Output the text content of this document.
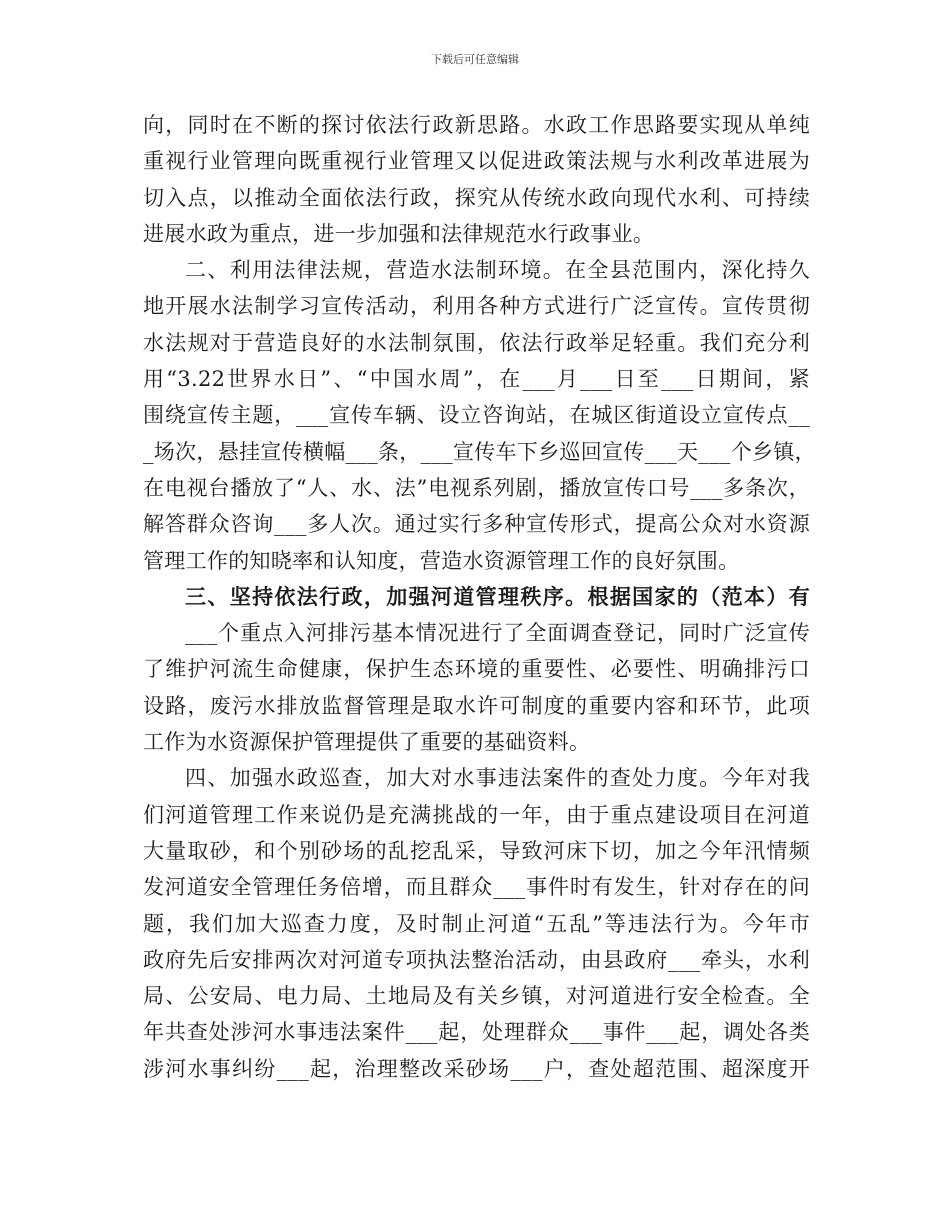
下载后可任意编辑
向，同时在不断的探讨依法行政新思路。水政工作思路要实现从单纯
重视行业管理向既重视行业管理又以促进政策法规与水利改革进展为
切入点，以推动全面依法行政，探究从传统水政向现代水利、可持续
进展水政为重点，进一步加强和法律规范水行政事业。
二、利用法律法规，营造水法制环境。在全县范围内，深化持久
地开展水法制学习宣传活动，利用各种方式进行广泛宣传。宣传贯彻
水法规对于营造良好的水法制氛围，依法行政举足轻重。我们充分利
用“3.22世界水日”、“中国水周”，在___月___日至___日期间，紧
围绕宣传主题，___宣传车辆、设立咨询站，在城区街道设立宣传点__
_场次，悬挂宣传横幅___条，___宣传车下乡巡回宣传___天___个乡镇，
在电视台播放了“人、水、法”电视系列剧，播放宣传口号___多条次，
解答群众咨询___多人次。通过实行多种宣传形式，提高公众对水资源
管理工作的知晓率和认知度，营造水资源管理工作的良好氛围。
三、坚持依法行政，加强河道管理秩序。根据国家的（范本）有
___个重点入河排污基本情况进行了全面调查登记，同时广泛宣传
了维护河流生命健康，保护生态环境的重要性、必要性、明确排污口
设路，废污水排放监督管理是取水许可制度的重要内容和环节，此项
工作为水资源保护管理提供了重要的基础资料。
四、加强水政巡查，加大对水事违法案件的查处力度。今年对我
们河道管理工作来说仍是充满挑战的一年，由于重点建设项目在河道
大量取砂，和个别砂场的乱挖乱采，导致河床下切，加之今年汛情频
发河道安全管理任务倍增，而且群众___事件时有发生，针对存在的问
题，我们加大巡查力度，及时制止河道“五乱”等违法行为。今年市
政府先后安排两次对河道专项执法整治活动，由县政府___牵头，水利
局、公安局、电力局、土地局及有关乡镇，对河道进行安全检查。全
年共查处涉河水事违法案件___起，处理群众___事件___起，调处各类
涉河水事纠纷___起，治理整改采砂场___户，查处超范围、超深度开
